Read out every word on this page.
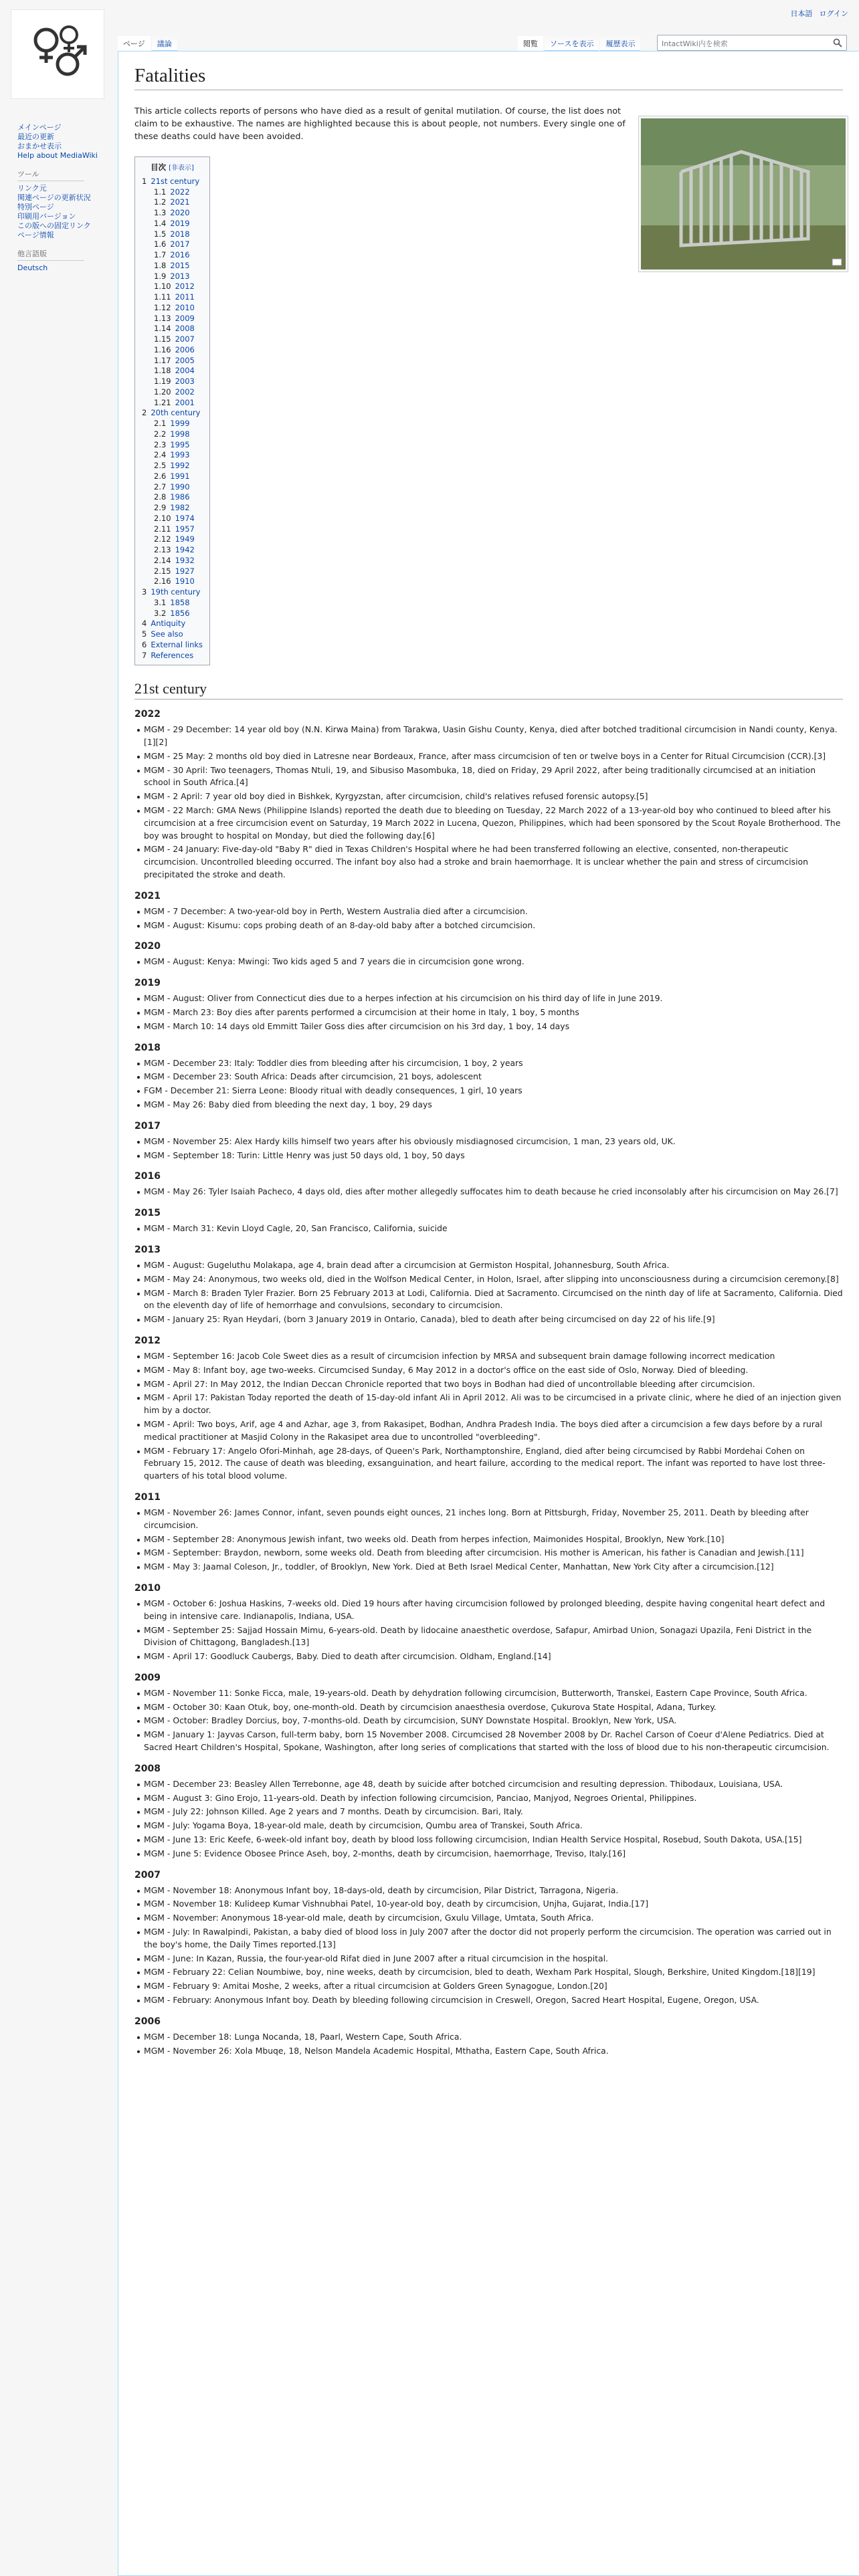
日本語 ログイン
ページ	議論	閲覧	ソースを表示	履歴表示	IntactWiki内を検索
メインページ
最近の更新
おまかせ表示
Help about MediaWiki
ツール
リンク元
関連ページの更新状況
特別ページ
印刷用バージョン
この版への固定リンク
ページ情報
他言語版
Deutsch
Fatalities

This article collects reports of persons who have died as a result of genital mutilation. Of course, the list does not claim to be exhaustive. The names are highlighted because this is about people, not numbers. Every single one of these deaths could have been avoided.

目次 [非表示]
1 21st century
1.1 2022
1.2 2021
1.3 2020
1.4 2019
1.5 2018
1.6 2017
1.7 2016
1.8 2015
1.9 2013
1.10 2012
1.11 2011
1.12 2010
1.13 2009
1.14 2008
1.15 2007
1.16 2006
1.17 2005
1.18 2004
1.19 2003
1.20 2002
1.21 2001
2 20th century
2.1 1999
2.2 1998
2.3 1995
2.4 1993
2.5 1992
2.6 1991
2.7 1990
2.8 1986
2.9 1982
2.10 1974
2.11 1957
2.12 1949
2.13 1942
2.14 1932
2.15 1927
2.16 1910
3 19th century
3.1 1858
3.2 1856
4 Antiquity
5 See also
6 External links
7 References
21st century
2022
MGM - 29 December: 14 year old boy (N.N. Kirwa Maina) from Tarakwa, Uasin Gishu County, Kenya, died after botched traditional circumcision in Nandi county, Kenya.[1][2]
MGM - 25 May: 2 months old boy died in Latresne near Bordeaux, France, after mass circumcision of ten or twelve boys in a Center for Ritual Circumcision (CCR).[3]
MGM - 30 April: Two teenagers, Thomas Ntuli, 19, and Sibusiso Masombuka, 18, died on Friday, 29 April 2022, after being traditionally circumcised at an initiation school in South Africa.[4]
MGM - 2 April: 7 year old boy died in Bishkek, Kyrgyzstan, after circumcision, child's relatives refused forensic autopsy.[5]
MGM - 22 March: GMA News (Philippine Islands) reported the death due to bleeding on Tuesday, 22 March 2022 of a 13-year-old boy who continued to bleed after his circumcision at a free circumcision event on Saturday, 19 March 2022 in Lucena, Quezon, Philippines, which had been sponsored by the Scout Royale Brotherhood. The boy was brought to hospital on Monday, but died the following day.[6]
MGM - 24 January: Five-day-old "Baby R" died in Texas Children's Hospital where he had been transferred following an elective, consented, non-therapeutic circumcision. Uncontrolled bleeding occurred. The infant boy also had a stroke and brain haemorrhage. It is unclear whether the pain and stress of circumcision precipitated the stroke and death.
2021
MGM - 7 December: A two-year-old boy in Perth, Western Australia died after a circumcision.
MGM - August: Kisumu: cops probing death of an 8-day-old baby after a botched circumcision.
2020
MGM - August: Kenya: Mwingi: Two kids aged 5 and 7 years die in circumcision gone wrong.
2019
MGM - August: Oliver from Connecticut dies due to a herpes infection at his circumcision on his third day of life in June 2019.
MGM - March 23: Boy dies after parents performed a circumcision at their home in Italy, 1 boy, 5 months
MGM - March 10: 14 days old Emmitt Tailer Goss dies after circumcision on his 3rd day, 1 boy, 14 days
2018
MGM - December 23: Italy: Toddler dies from bleeding after his circumcision, 1 boy, 2 years
MGM - December 23: South Africa: Deads after circumcision, 21 boys, adolescent
FGM - December 21: Sierra Leone: Bloody ritual with deadly consequences, 1 girl, 10 years
MGM - May 26: Baby died from bleeding the next day, 1 boy, 29 days
2017
MGM - November 25: Alex Hardy kills himself two years after his obviously misdiagnosed circumcision, 1 man, 23 years old, UK.
MGM - September 18: Turin: Little Henry was just 50 days old, 1 boy, 50 days
2016
MGM - May 26: Tyler Isaiah Pacheco, 4 days old, dies after mother allegedly suffocates him to death because he cried inconsolably after his circumcision on May 26.[7]
2015
MGM - March 31: Kevin Lloyd Cagle, 20, San Francisco, California, suicide
2013
MGM - August: Gugeluthu Molakapa, age 4, brain dead after a circumcision at Germiston Hospital, Johannesburg, South Africa.
MGM - May 24: Anonymous, two weeks old, died in the Wolfson Medical Center, in Holon, Israel, after slipping into unconsciousness during a circumcision ceremony.[8]
MGM - March 8: Braden Tyler Frazier. Born 25 February 2013 at Lodi, California. Died at Sacramento. Circumcised on the ninth day of life at Sacramento, California. Died on the eleventh day of life of hemorrhage and convulsions, secondary to circumcision.
MGM - January 25: Ryan Heydari, (born 3 January 2019 in Ontario, Canada), bled to death after being circumcised on day 22 of his life.[9]
2012
MGM - September 16: Jacob Cole Sweet dies as a result of circumcision infection by MRSA and subsequent brain damage following incorrect medication
MGM - May 8: Infant boy, age two-weeks. Circumcised Sunday, 6 May 2012 in a doctor's office on the east side of Oslo, Norway. Died of bleeding.
MGM - April 27: In May 2012, the Indian Deccan Chronicle reported that two boys in Bodhan had died of uncontrollable bleeding after circumcision.
MGM - April 17: Pakistan Today reported the death of 15-day-old infant Ali in April 2012. Ali was to be circumcised in a private clinic, where he died of an injection given him by a doctor.
MGM - April: Two boys, Arif, age 4 and Azhar, age 3, from Rakasipet, Bodhan, Andhra Pradesh India. The boys died after a circumcision a few days before by a rural medical practitioner at Masjid Colony in the Rakasipet area due to uncontrolled "overbleeding".
MGM - February 17: Angelo Ofori-Minhah, age 28-days, of Queen's Park, Northamptonshire, England, died after being circumcised by Rabbi Mordehai Cohen on February 15, 2012. The cause of death was bleeding, exsanguination, and heart failure, according to the medical report. The infant was reported to have lost three-quarters of his total blood volume.
2011
MGM - November 26: James Connor, infant, seven pounds eight ounces, 21 inches long. Born at Pittsburgh, Friday, November 25, 2011. Death by bleeding after circumcision.
MGM - September 28: Anonymous Jewish infant, two weeks old. Death from herpes infection, Maimonides Hospital, Brooklyn, New York.[10]
MGM - September: Braydon, newborn, some weeks old. Death from bleeding after circumcision. His mother is American, his father is Canadian and Jewish.[11]
MGM - May 3: Jaamal Coleson, Jr., toddler, of Brooklyn, New York. Died at Beth Israel Medical Center, Manhattan, New York City after a circumcision.[12]
2010
MGM - October 6: Joshua Haskins, 7-weeks old. Died 19 hours after having circumcision followed by prolonged bleeding, despite having congenital heart defect and being in intensive care. Indianapolis, Indiana, USA.
MGM - September 25: Sajjad Hossain Mimu, 6-years-old. Death by lidocaine anaesthetic overdose, Safapur, Amirbad Union, Sonagazi Upazila, Feni District in the Division of Chittagong, Bangladesh.[13]
MGM - April 17: Goodluck Caubergs, Baby. Died to death after circumcision. Oldham, England.[14]
2009
MGM - November 11: Sonke Ficca, male, 19-years-old. Death by dehydration following circumcision, Butterworth, Transkei, Eastern Cape Province, South Africa.
MGM - October 30: Kaan Otuk, boy, one-month-old. Death by circumcision anaesthesia overdose, Çukurova State Hospital, Adana, Turkey.
MGM - October: Bradley Dorcius, boy, 7-months-old. Death by circumcision, SUNY Downstate Hospital. Brooklyn, New York, USA.
MGM - January 1: Jayvas Carson, full-term baby, born 15 November 2008. Circumcised 28 November 2008 by Dr. Rachel Carson of Coeur d'Alene Pediatrics. Died at Sacred Heart Children's Hospital, Spokane, Washington, after long series of complications that started with the loss of blood due to his non-therapeutic circumcision.
2008
MGM - December 23: Beasley Allen Terrebonne, age 48, death by suicide after botched circumcision and resulting depression. Thibodaux, Louisiana, USA.
MGM - August 3: Gino Erojo, 11-years-old. Death by infection following circumcision, Panciao, Manjyod, Negroes Oriental, Philippines.
MGM - July 22: Johnson Killed. Age 2 years and 7 months. Death by circumcision. Bari, Italy.
MGM - July: Yogama Boya, 18-year-old male, death by circumcision, Qumbu area of Transkei, South Africa.
MGM - June 13: Eric Keefe, 6-week-old infant boy, death by blood loss following circumcision, Indian Health Service Hospital, Rosebud, South Dakota, USA.[15]
MGM - June 5: Evidence Obosee Prince Aseh, boy, 2-months, death by circumcision, haemorrhage, Treviso, Italy.[16]
2007
MGM - November 18: Anonymous Infant boy, 18-days-old, death by circumcision, Pilar District, Tarragona, Nigeria.
MGM - November 18: Kulideep Kumar Vishnubhai Patel, 10-year-old boy, death by circumcision, Unjha, Gujarat, India.[17]
MGM - November: Anonymous 18-year-old male, death by circumcision, Gxulu Village, Umtata, South Africa.
MGM - July: In Rawalpindi, Pakistan, a baby died of blood loss in July 2007 after the doctor did not properly perform the circumcision. The operation was carried out in the boy's home, the Daily Times reported.[13]
MGM - June: In Kazan, Russia, the four-year-old Rifat died in June 2007 after a ritual circumcision in the hospital.
MGM - February 22: Celian Noumbiwe, boy, nine weeks, death by circumcision, bled to death, Wexham Park Hospital, Slough, Berkshire, United Kingdom.[18][19]
MGM - February 9: Amitai Moshe, 2 weeks, after a ritual circumcision at Golders Green Synagogue, London.[20]
MGM - February: Anonymous Infant boy. Death by bleeding following circumcision in Creswell, Oregon, Sacred Heart Hospital, Eugene, Oregon, USA.
2006
MGM - December 18: Lunga Nocanda, 18, Paarl, Western Cape, South Africa.
MGM - November 26: Xola Mbuqe, 18, Nelson Mandela Academic Hospital, Mthatha, Eastern Cape, South Africa.
